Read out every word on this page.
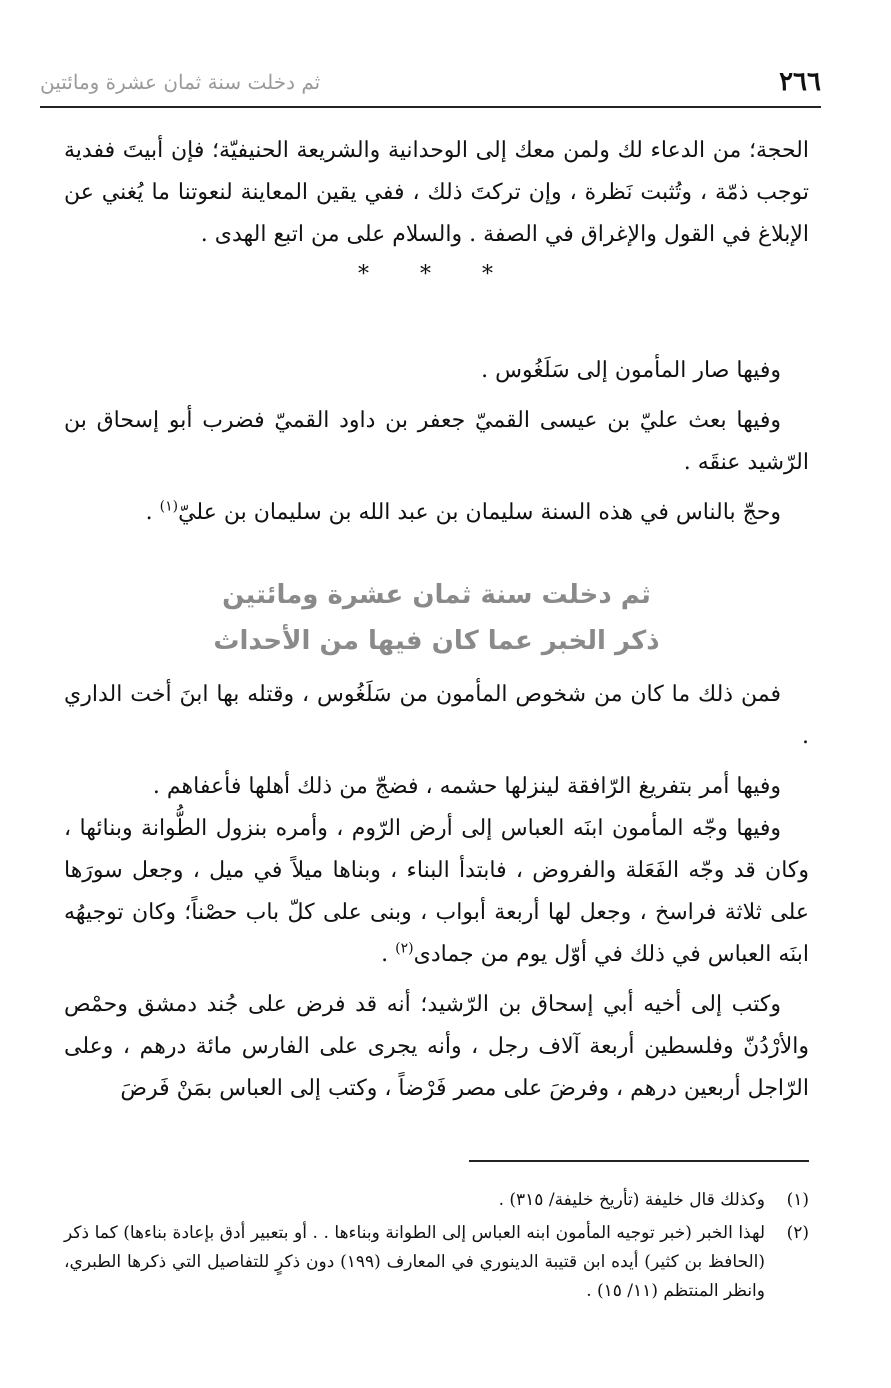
٢٦٦
ثم دخلت سنة ثمان عشرة ومائتين

الحجة؛ من الدعاء لك ولمن معك إلى الوحدانية والشريعة الحنيفيّة؛ فإن أبيتَ ففدية توجب ذمّة ، وتُثبت نَظرة ، وإن تركتَ ذلك ، ففي يقين المعاينة لنعوتنا ما يُغني عن الإبلاغ في القول والإغراق في الصفة . والسلام على من اتبع الهدى .

* * *

وفيها صار المأمون إلى سَلَغُوس .

وفيها بعث عليّ بن عيسى القميّ جعفر بن داود القميّ فضرب أبو إسحاق بن الرّشيد عنقَه .

وحجّ بالناس في هذه السنة سليمان بن عبد الله بن سليمان بن عليّ$^{(١)}$ .

ثم دخلت سنة ثمان عشرة ومائتين
ذكر الخبر عما كان فيها من الأحداث

فمن ذلك ما كان من شخوص المأمون من سَلَغُوس ، وقتله بها ابنَ أخت الداري .

وفيها أمر بتفريغ الرّافقة لينزلها حشمه ، فضجّ من ذلك أهلها فأعفاهم .

وفيها وجّه المأمون ابنَه العباس إلى أرض الرّوم ، وأمره بنزول الطُّوانة وبنائها ، وكان قد وجّه الفَعَلة والفروض ، فابتدأ البناء ، وبناها ميلاً في ميل ، وجعل سورَها على ثلاثة فراسخ ، وجعل لها أربعة أبواب ، وبنى على كلّ باب حصْناً؛ وكان توجيهُه ابنَه العباس في ذلك في أوّل يوم من جمادى$^{(٢)}$ .

وكتب إلى أخيه أبي إسحاق بن الرّشيد؛ أنه قد فرض على جُند دمشق وحمْص والأرْدُنّ وفلسطين أربعة آلاف رجل ، وأنه يجرى على الفارس مائة درهم ، وعلى الرّاجل أربعين درهم ، وفرضَ على مصر فَرْضاً ، وكتب إلى العباس بمَنْ فَرضَ

(١)
وكذلك قال خليفة (تأريخ خليفة/ ٣١٥) .
(٢)
لهذا الخبر (خبر توجيه المأمون ابنه العباس إلى الطوانة وبناءها . . أو بتعبير أدق بإعادة بناءها) كما ذكر (الحافظ بن كثير) أيده ابن قتيبة الدينوري في المعارف (١٩٩) دون ذكرٍ للتفاصيل التي ذكرها الطبري، وانظر المنتظم (١١/ ١٥) .
